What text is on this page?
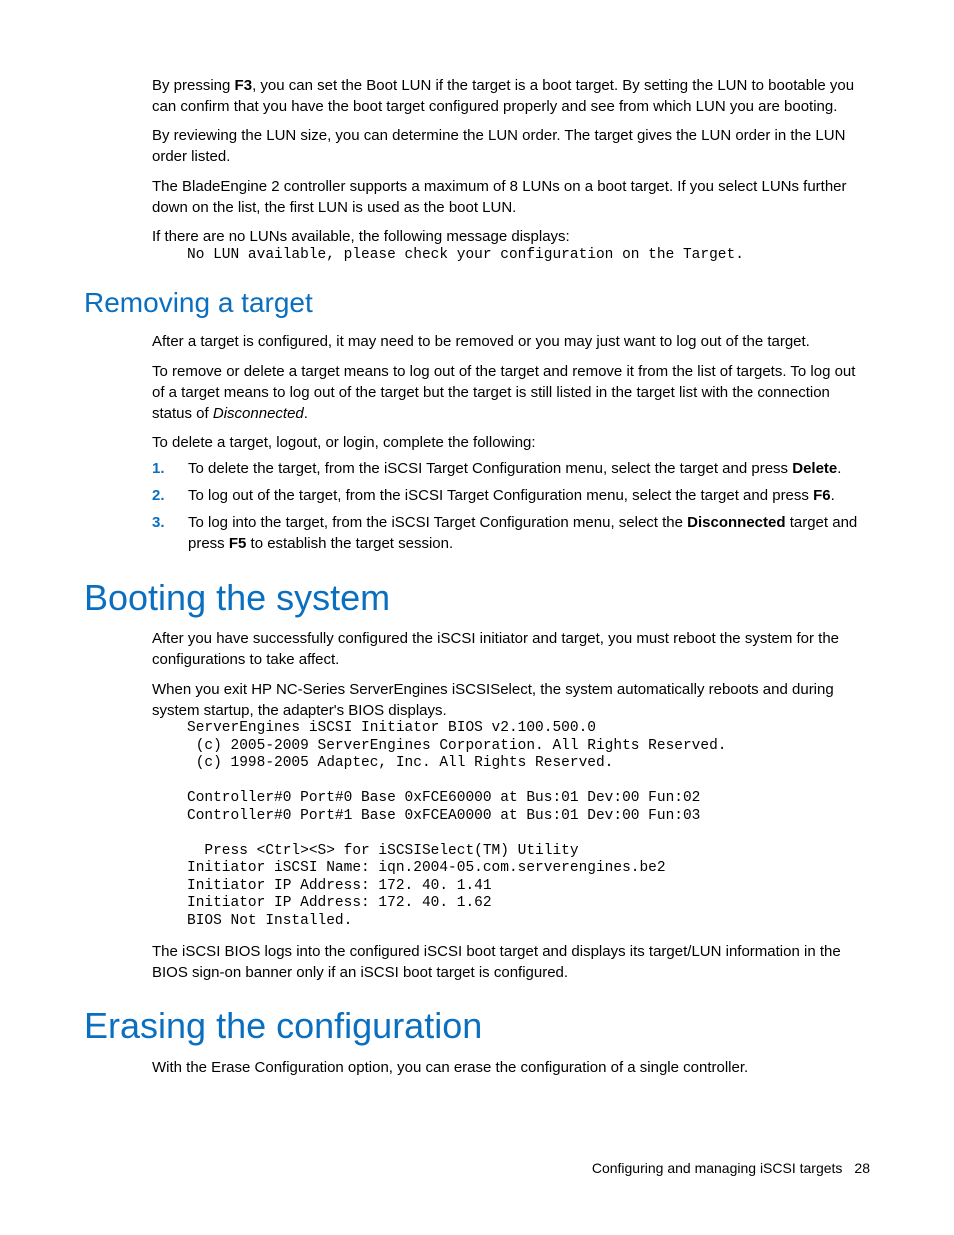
By pressing F3, you can set the Boot LUN if the target is a boot target. By setting the LUN to bootable you can confirm that you have the boot target configured properly and see from which LUN you are booting.

By reviewing the LUN size, you can determine the LUN order. The target gives the LUN order in the LUN order listed.

The BladeEngine 2 controller supports a maximum of 8 LUNs on a boot target. If you select LUNs further down on the list, the first LUN is used as the boot LUN.

If there are no LUNs available, the following message displays:

No LUN available, please check your configuration on the Target.
Removing a target

After a target is configured, it may need to be removed or you may just want to log out of the target.

To remove or delete a target means to log out of the target and remove it from the list of targets. To log out of a target means to log out of the target but the target is still listed in the target list with the connection status of Disconnected.

To delete a target, logout, or login, complete the following:

1. To delete the target, from the iSCSI Target Configuration menu, select the target and press Delete.
2. To log out of the target, from the iSCSI Target Configuration menu, select the target and press F6.
3. To log into the target, from the iSCSI Target Configuration menu, select the Disconnected target and press F5 to establish the target session.
Booting the system

After you have successfully configured the iSCSI initiator and target, you must reboot the system for the configurations to take affect.

When you exit HP NC-Series ServerEngines iSCSISelect, the system automatically reboots and during system startup, the adapter's BIOS displays.

ServerEngines iSCSI Initiator BIOS v2.100.500.0
(c) 2005-2009 ServerEngines Corporation. All Rights Reserved.
(c) 1998-2005 Adaptec, Inc. All Rights Reserved.

Controller#0 Port#0 Base 0xFCE60000 at Bus:01 Dev:00 Fun:02
Controller#0 Port#1 Base 0xFCEA0000 at Bus:01 Dev:00 Fun:03

Press <Ctrl><S> for iSCSISelect(TM) Utility
Initiator iSCSI Name: iqn.2004-05.com.serverengines.be2
Initiator IP Address: 172. 40. 1.41
Initiator IP Address: 172. 40. 1.62
BIOS Not Installed.

The iSCSI BIOS logs into the configured iSCSI boot target and displays its target/LUN information in the BIOS sign-on banner only if an iSCSI boot target is configured.

Erasing the configuration

With the Erase Configuration option, you can erase the configuration of a single controller.

Configuring and managing iSCSI targets 28
